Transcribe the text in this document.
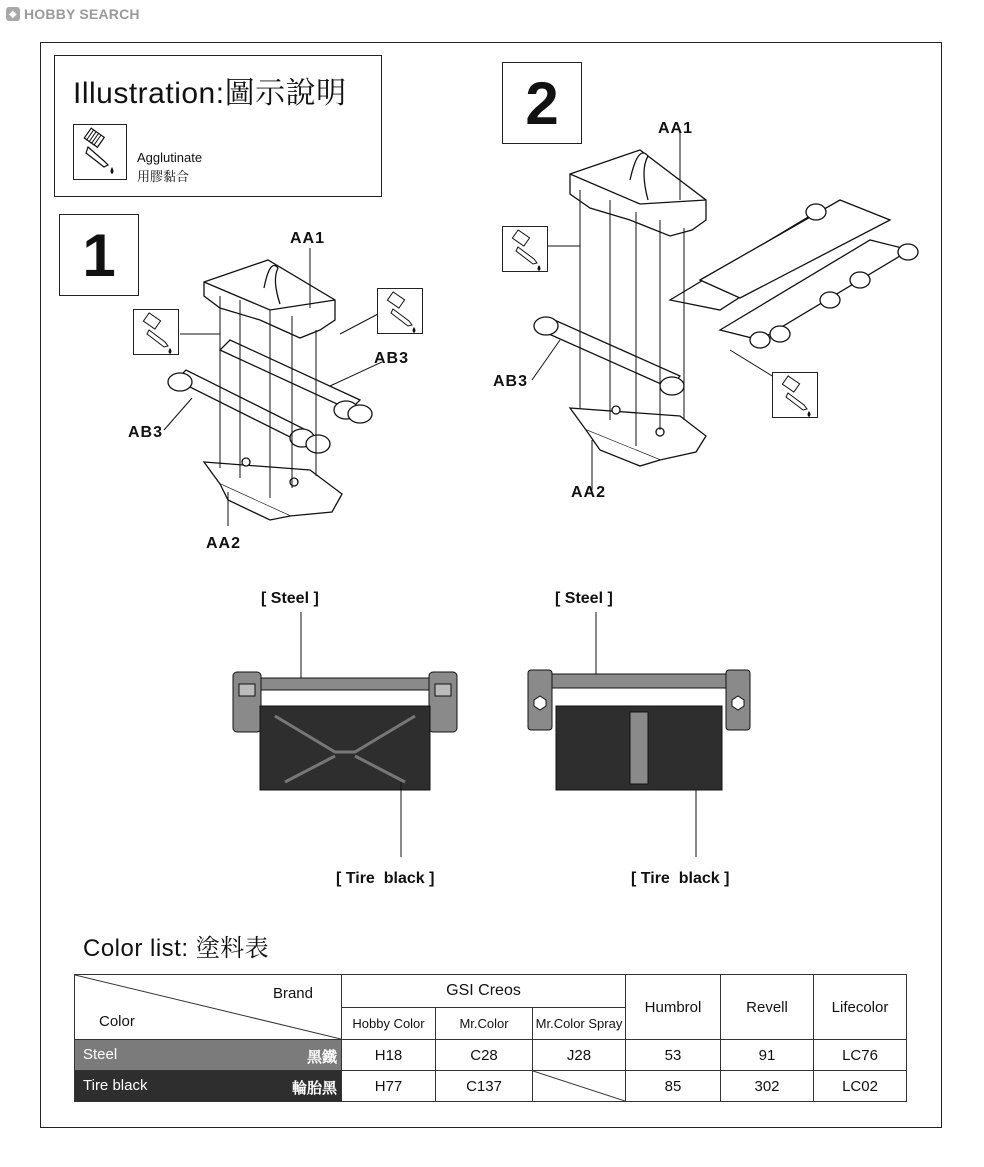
◆ HOBBY SEARCH
Illustration:圖示說明
Agglutinate
用膠黏合
1
2
AA1
AB3
AB3
AA2
AA1
AB3
AA2
[ Steel ]	[ Steel ]
[ Tire  black ]	[ Tire  black ]
Color list: 塗料表
Brand
Color	GSI Creos			Humbrol	Revell	Lifecolor
	Hobby Color	Mr.Color	Mr.Color Spray			

Steel 黑鐵	H18	C28	J28	53	91	LC76

Tire black 輪胎黑	H77	C137		85	302	LC02
